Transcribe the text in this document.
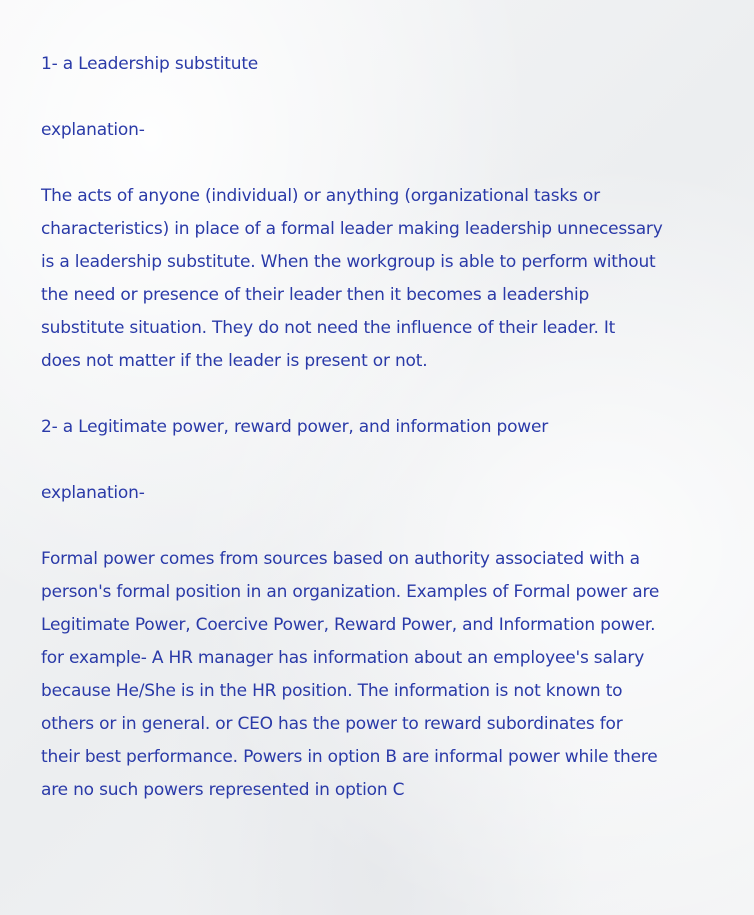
1- a Leadership substitute

explanation-

The acts of anyone (individual) or anything (organizational tasks or

characteristics) in place of a formal leader making leadership unnecessary

is a leadership substitute. When the workgroup is able to perform without

the need or presence of their leader then it becomes a leadership

substitute situation. They do not need the influence of their leader. It

does not matter if the leader is present or not.

2- a Legitimate power, reward power, and information power

explanation-

Formal power comes from sources based on authority associated with a

person's formal position in an organization. Examples of Formal power are

Legitimate Power, Coercive Power, Reward Power, and Information power.

for example- A HR manager has information about an employee's salary

because He/She is in the HR position. The information is not known to

others or in general. or CEO has the power to reward subordinates for

their best performance. Powers in option B are informal power while there

are no such powers represented in option C
